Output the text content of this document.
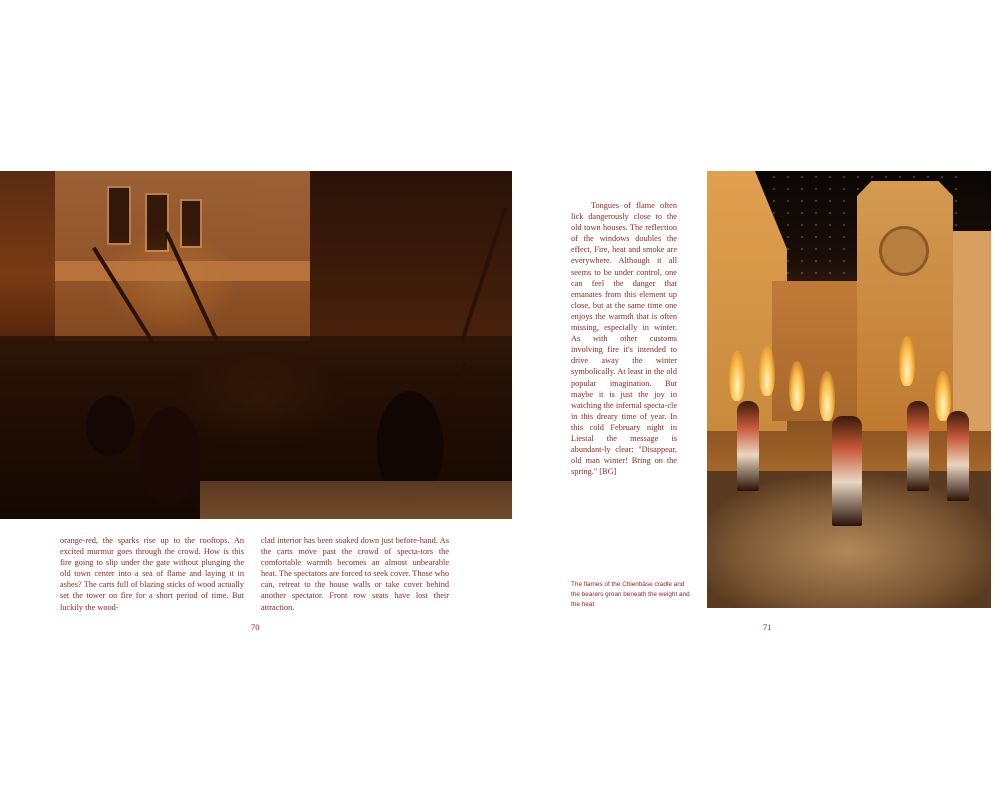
orange-red, the sparks rise up to the rooftops. An excited murmur goes through the crowd. How is this fire going to slip under the gate without plunging the old town center into a sea of flame and laying it in ashes? The carts full of blazing sticks of wood actually set the tower on fire for a short period of time. But luckily the wood-
clad interior has been soaked down just before-hand. As the carts move past the crowd of specta-tors the comfortable warmth becomes an almost unbearable heat. The spectators are forced to seek cover. Those who can, retreat to the house walls or take cover behind another spectator. Front row seats have lost their attraction.
70
Tongues of flame often lick dangerously close to the old town houses. The reflection of the windows doubles the effect. Fire, heat and smoke are everywhere. Although it all seems to be under control, one can feel the danger that emanates from this element up close, but at the same time one enjoys the warmth that is often missing, especially in winter. As with other customs involving fire it's intended to drive away the winter symbolically. At least in the old popular imagination. But maybe it is just the joy in watching the infernal specta-cle in this dreary time of year. In this cold February night in Liestal the message is abundant-ly clear: "Disappear, old man winter! Bring on the spring." [BG]
The flames of the Chienbäse cradle and the bearers groan beneath the weight and the heat.
71
